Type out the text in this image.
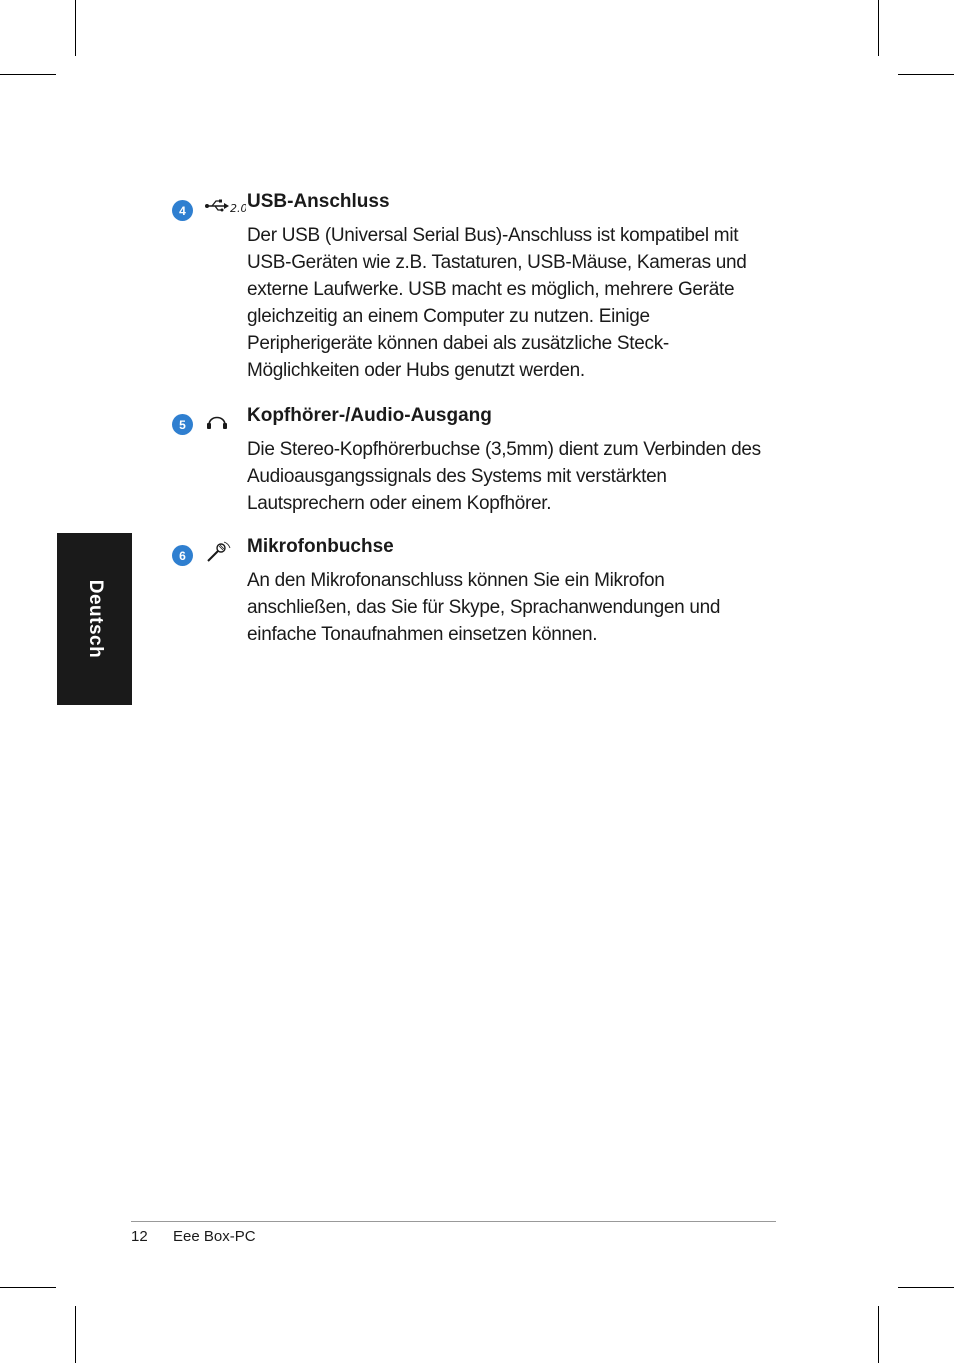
Deutsch
4	2.0 USB-Anschluss
Der USB (Universal Serial Bus)-Anschluss ist kompatibel mit USB-Geräten wie z.B. Tastaturen, USB-Mäuse, Kameras und externe Laufwerke. USB macht es möglich, mehrere Geräte gleichzeitig an einem Computer zu nutzen. Einige Peripherigeräte können dabei als zusätzliche Steck-Möglichkeiten oder Hubs genutzt werden.
5	Kopfhörer-/Audio-Ausgang
Die Stereo-Kopfhörerbuchse (3,5mm) dient zum Verbinden des Audioausgangssignals des Systems mit verstärkten Lautsprechern oder einem Kopfhörer.
6	Mikrofonbuchse
An den Mikrofonanschluss können Sie ein Mikrofon anschließen, das Sie für Skype, Sprachanwendungen und einfache Tonaufnahmen einsetzen können.
12 Eee Box-PC
